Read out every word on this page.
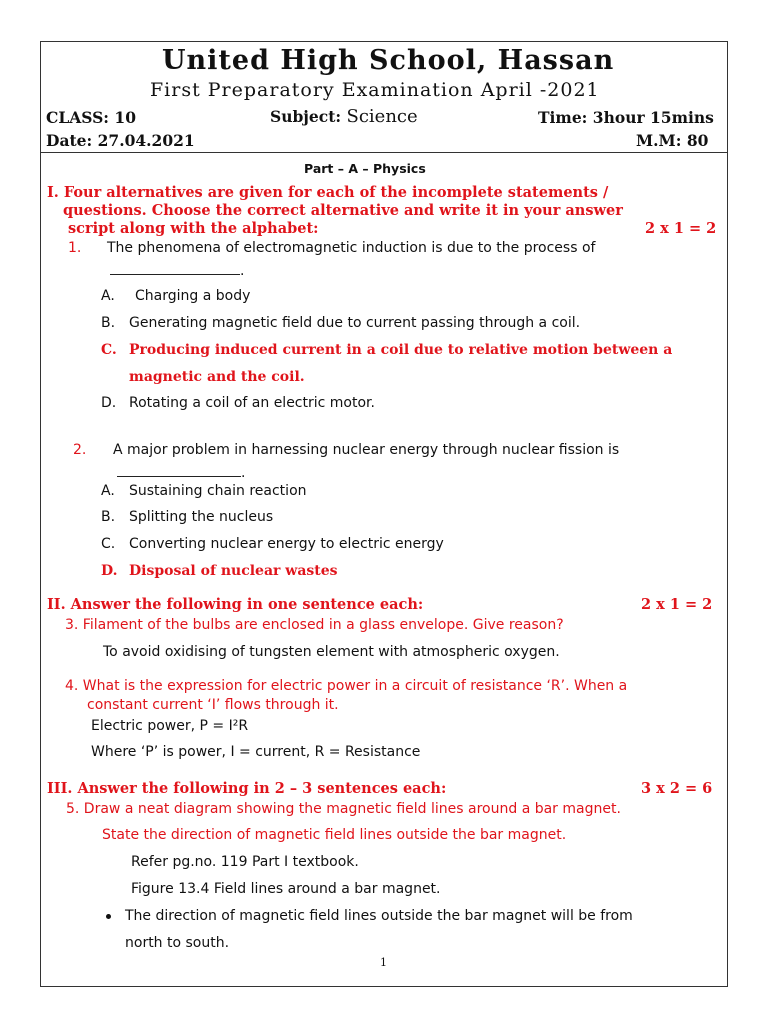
United High School, Hassan
First Preparatory Examination April -2021
CLASS: 10	Subject: Science	Time: 3hour 15mins
Date: 27.04.2021	M.M: 80
Part – A – Physics
I. Four alternatives are given for each of the incomplete statements /
questions. Choose the correct alternative and write it in your answer
script along with the alphabet:	2 x 1 = 2
1. The phenomena of electromagnetic induction is due to the process of
.
A. Charging a body
B. Generating magnetic field due to current passing through a coil.
C. Producing induced current in a coil due to relative motion between a
magnetic and the coil.
D. Rotating a coil of an electric motor.
2. A major problem in harnessing nuclear energy through nuclear fission is
.
A. Sustaining chain reaction
B. Splitting the nucleus
C. Converting nuclear energy to electric energy
D. Disposal of nuclear wastes
II. Answer the following in one sentence each:	2 x 1 = 2
3. Filament of the bulbs are enclosed in a glass envelope. Give reason?
To avoid oxidising of tungsten element with atmospheric oxygen.
4. What is the expression for electric power in a circuit of resistance ‘R’. When a
constant current ‘I’ flows through it.
Electric power, P = I²R
Where ‘P’ is power, I = current, R = Resistance
III. Answer the following in 2 – 3 sentences each:	3 x 2 = 6
5. Draw a neat diagram showing the magnetic field lines around a bar magnet.
State the direction of magnetic field lines outside the bar magnet.
Refer pg.no. 119 Part I textbook.
Figure 13.4 Field lines around a bar magnet.
The direction of magnetic field lines outside the bar magnet will be from
north to south.
1
